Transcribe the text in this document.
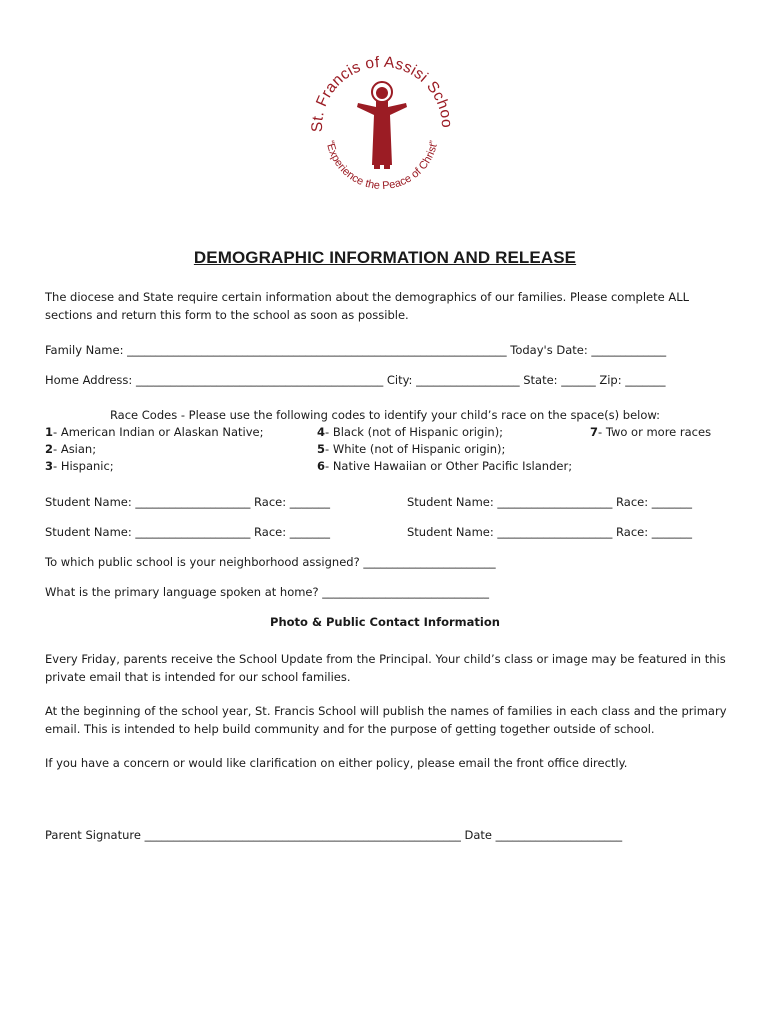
St. Francis of Assisi Schoo
“Experience the Peace of Christ”
DEMOGRAPHIC INFORMATION AND RELEASE
The diocese and State require certain information about the demographics of our families. Please complete ALL sections and return this form to the school as soon as possible.
Family Name: __________________________________________________________________ Today's Date: _____________
Home Address: ___________________________________________ City: __________________ State: ______ Zip: _______
Race Codes - Please use the following codes to identify your child’s race on the space(s) below:
1- American Indian or Alaskan Native;
2- Asian;
3- Hispanic;
4- Black (not of Hispanic origin);
5- White (not of Hispanic origin);
6- Native Hawaiian or Other Pacific Islander;
7- Two or more races
Student Name: ____________________ Race: _______	Student Name: ____________________ Race: _______
Student Name: ____________________ Race: _______	Student Name: ____________________ Race: _______
To which public school is your neighborhood assigned? _______________________
What is the primary language spoken at home? _____________________________
Photo & Public Contact Information
Every Friday, parents receive the School Update from the Principal. Your child’s class or image may be featured in this private email that is intended for our school families.
At the beginning of the school year, St. Francis School will publish the names of families in each class and the primary email. This is intended to help build community and for the purpose of getting together outside of school.
If you have a concern or would like clarification on either policy, please email the front office directly.
Parent Signature _______________________________________________________ Date ______________________
